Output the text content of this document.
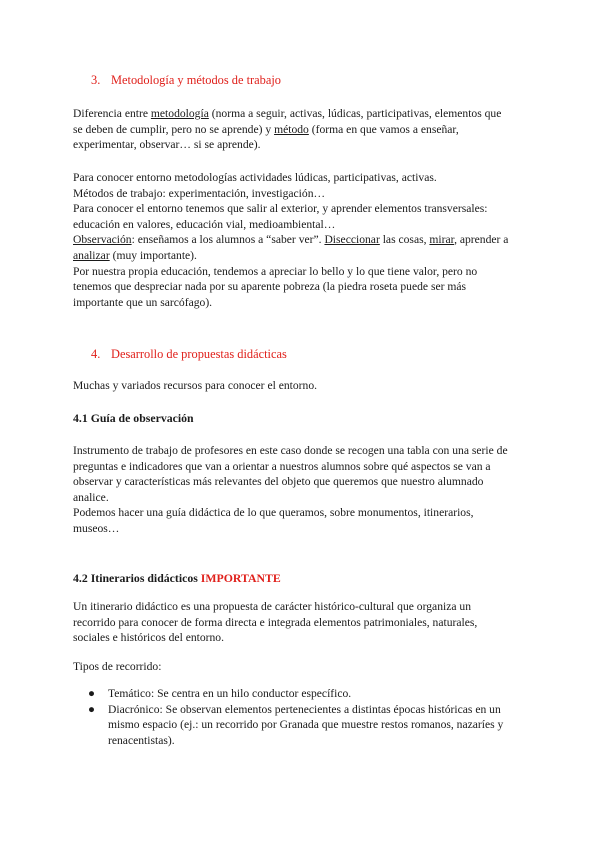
3. Metodología y métodos de trabajo
Diferencia entre metodología (norma a seguir, activas, lúdicas, participativas, elementos que
se deben de cumplir, pero no se aprende) y método (forma en que vamos a enseñar,
experimentar, observar… si se aprende).
Para conocer entorno metodologías actividades lúdicas, participativas, activas.
Métodos de trabajo: experimentación, investigación…
Para conocer el entorno tenemos que salir al exterior, y aprender elementos transversales:
educación en valores, educación vial, medioambiental…
Observación: enseñamos a los alumnos a “saber ver”. Diseccionar las cosas, mirar, aprender a
analizar (muy importante).
Por nuestra propia educación, tendemos a apreciar lo bello y lo que tiene valor, pero no
tenemos que despreciar nada por su aparente pobreza (la piedra roseta puede ser más
importante que un sarcófago).
4. Desarrollo de propuestas didácticas
Muchas y variados recursos para conocer el entorno.
4.1 Guía de observación
Instrumento de trabajo de profesores en este caso donde se recogen una tabla con una serie de
preguntas e indicadores que van a orientar a nuestros alumnos sobre qué aspectos se van a
observar y características más relevantes del objeto que queremos que nuestro alumnado
analice.
Podemos hacer una guía didáctica de lo que queramos, sobre monumentos, itinerarios,
museos…
4.2 Itinerarios didácticos IMPORTANTE
Un itinerario didáctico es una propuesta de carácter histórico-cultural que organiza un
recorrido para conocer de forma directa e integrada elementos patrimoniales, naturales,
sociales e históricos del entorno.
Tipos de recorrido:
● Temático: Se centra en un hilo conductor específico.
● Diacrónico: Se observan elementos pertenecientes a distintas épocas históricas en un
mismo espacio (ej.: un recorrido por Granada que muestre restos romanos, nazaríes y
renacentistas).
